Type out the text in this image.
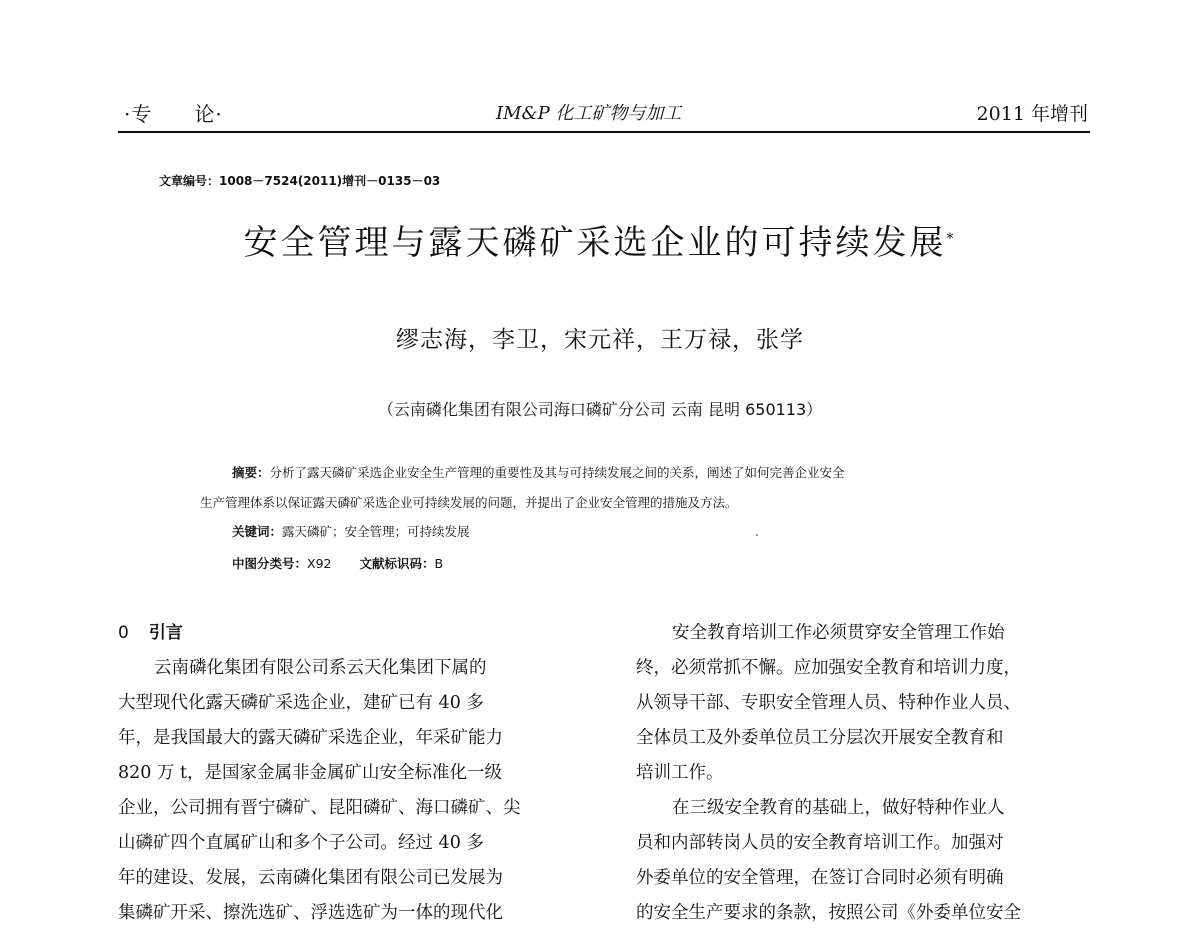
·专　　论·	IM&P 化工矿物与加工	2011 年增刊
文章编号：1008－7524(2011)增刊－0135－03
安全管理与露天磷矿采选企业的可持续发展*
缪志海，李卫，宋元祥，王万禄，张学
（云南磷化集团有限公司海口磷矿分公司 云南 昆明 650113）
摘要：分析了露天磷矿采选企业安全生产管理的重要性及其与可持续发展之间的关系，阐述了如何完善企业安全
生产管理体系以保证露天磷矿采选企业可持续发展的问题，并提出了企业安全管理的措施及方法。
关键词：露天磷矿；安全管理；可持续发展
中图分类号：X92 文献标识码：B
0 引言
云南磷化集团有限公司系云天化集团下属的
大型现代化露天磷矿采选企业，建矿已有 40 多
年，是我国最大的露天磷矿采选企业，年采矿能力
820 万 t，是国家金属非金属矿山安全标准化一级
企业，公司拥有晋宁磷矿、昆阳磷矿、海口磷矿、尖
山磷矿四个直属矿山和多个子公司。经过 40 多
年的建设、发展，云南磷化集团有限公司已发展为
集磷矿开采、擦洗选矿、浮选选矿为一体的现代化
安全教育培训工作必须贯穿安全管理工作始
终，必须常抓不懈。应加强安全教育和培训力度，
从领导干部、专职安全管理人员、特种作业人员、
全体员工及外委单位员工分层次开展安全教育和
培训工作。
在三级安全教育的基础上，做好特种作业人
员和内部转岗人员的安全教育培训工作。加强对
外委单位的安全管理，在签订合同时必须有明确
的安全生产要求的条款，按照公司《外委单位安全
